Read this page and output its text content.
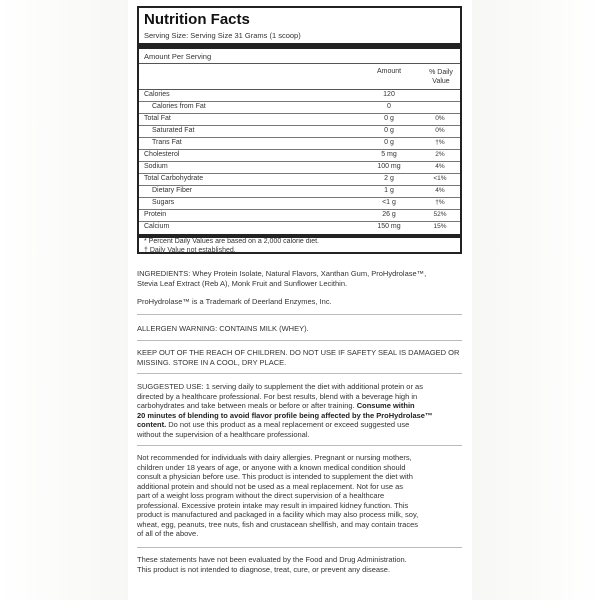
Nutrition Facts
Serving Size: Serving Size 31 Grams (1 scoop)
Amount Per Serving
Amount	% Daily
Value
Calories	120
Calories from Fat	0
Total Fat	0 g	0%
Saturated Fat	0 g	0%
Trans Fat	0 g	†%
Cholesterol	5 mg	2%
Sodium	100 mg	4%
Total Carbohydrate	2 g	<1%
Dietary Fiber	1 g	4%
Sugars	<1 g	†%
Protein	26 g	52%
Calcium	150 mg	15%
* Percent Daily Values are based on a 2,000 calorie diet.
† Daily Value not established.
INGREDIENTS: Whey Protein Isolate, Natural Flavors, Xanthan Gum, ProHydrolase™,
Stevia Leaf Extract (Reb A), Monk Fruit and Sunflower Lecithin.
ProHydrolase™ is a Trademark of Deerland Enzymes, Inc.
ALLERGEN WARNING: CONTAINS MILK (WHEY).
KEEP OUT OF THE REACH OF CHILDREN. DO NOT USE IF SAFETY SEAL IS DAMAGED OR
MISSING. STORE IN A COOL, DRY PLACE.
SUGGESTED USE: 1 serving daily to supplement the diet with additional protein or as
directed by a healthcare professional. For best results, blend with a beverage high in
carbohydrates and take between meals or before or after training. Consume within
20 minutes of blending to avoid flavor profile being affected by the ProHydrolase™
content. Do not use this product as a meal replacement or exceed suggested use
without the supervision of a healthcare professional.
Not recommended for individuals with dairy allergies. Pregnant or nursing mothers,
children under 18 years of age, or anyone with a known medical condition should
consult a physician before use. This product is intended to supplement the diet with
additional protein and should not be used as a meal replacement. Not for use as
part of a weight loss program without the direct supervision of a healthcare
professional. Excessive protein intake may result in impaired kidney function. This
product is manufactured and packaged in a facility which may also process milk, soy,
wheat, egg, peanuts, tree nuts, fish and crustacean shellfish, and may contain traces
of all of the above.
These statements have not been evaluated by the Food and Drug Administration.
This product is not intended to diagnose, treat, cure, or prevent any disease.
